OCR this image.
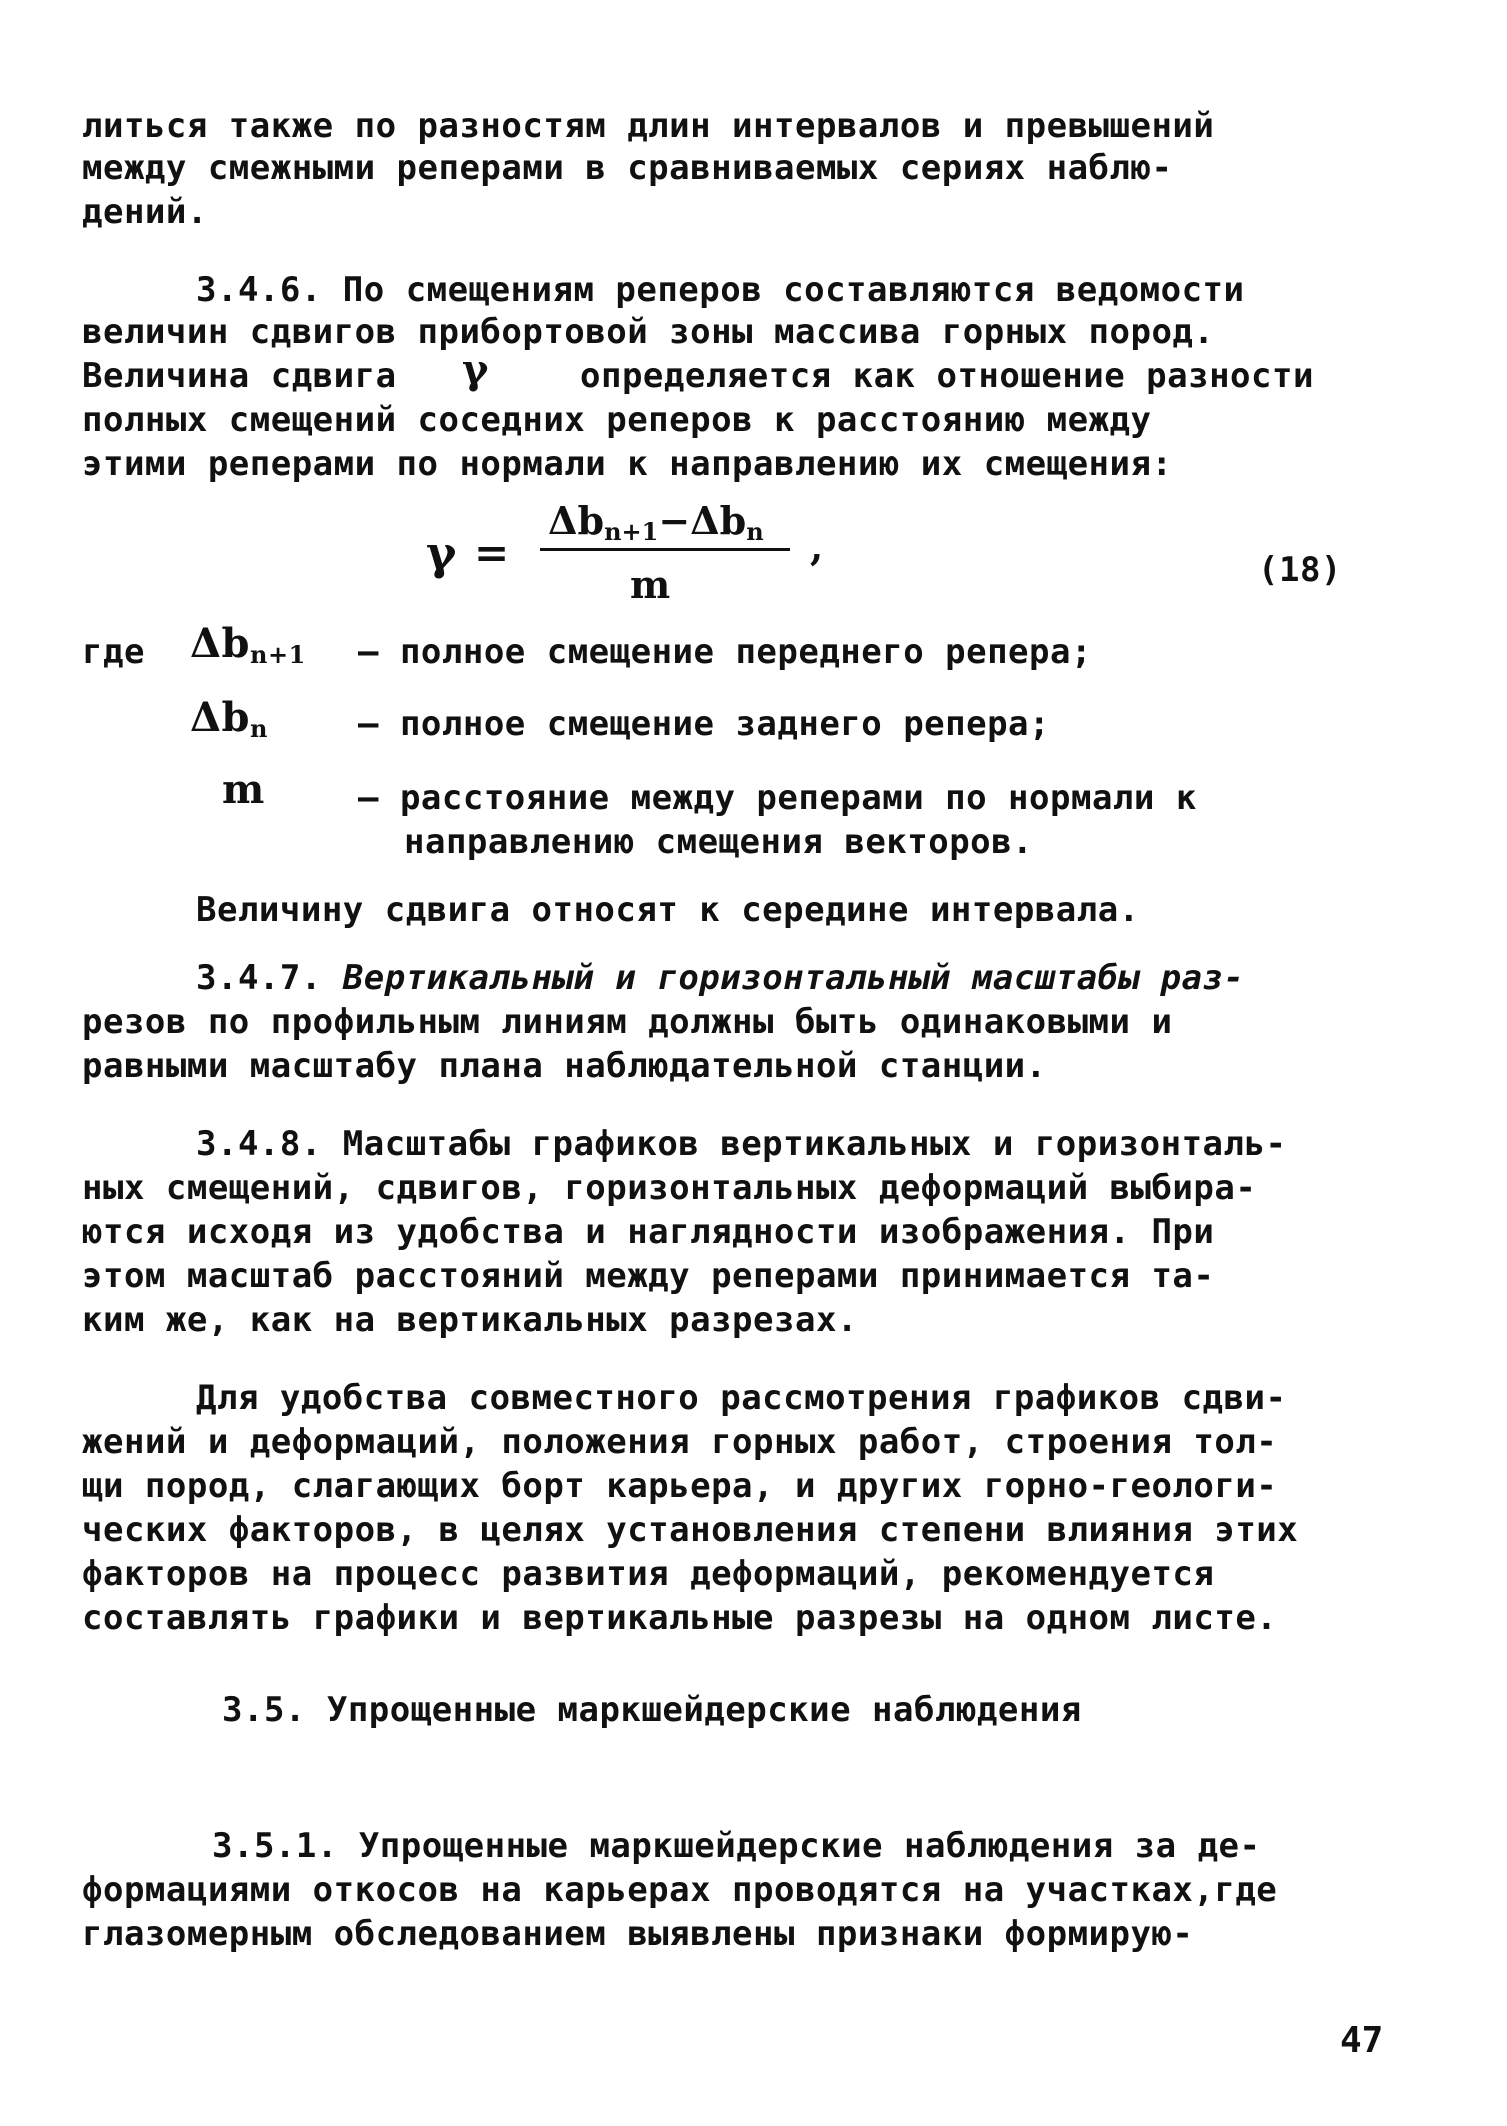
литься также по разностям длин интервалов и превышений
между смежными реперами в сравниваемых сериях наблю-
дений.
3.4.6. По смещениям реперов составляются ведомости
величин сдвигов прибортовой зоны массива горных пород.
Величина сдвига γ	определяется как отношение разности
полных смещений соседних реперов к расстоянию между
этими реперами по нормали к направлению их смещения:
γ =
$\Delta b_{n+1}-\Delta b_n$
m
,
(18)
где $\Delta b_{n+1}$ – полное смещение переднего репера;
$\Delta b_n$	– полное смещение заднего репера;
m	– расстояние между реперами по нормали к
направлению смещения векторов.
Величину сдвига относят к середине интервала.
3.4.7. Вертикальный и горизонтальный масштабы раз-
резов по профильным линиям должны быть одинаковыми и
равными масштабу плана наблюдательной станции.
3.4.8. Масштабы графиков вертикальных и горизонталь-
ных смещений, сдвигов, горизонтальных деформаций выбира-
ются исходя из удобства и наглядности изображения. При
этом масштаб расстояний между реперами принимается та-
ким же, как на вертикальных разрезах.
Для удобства совместного рассмотрения графиков сдви-
жений и деформаций, положения горных работ, строения тол-
щи пород, слагающих борт карьера, и других горно-геологи-
ческих факторов, в целях установления степени влияния этих
факторов на процесс развития деформаций, рекомендуется
составлять графики и вертикальные разрезы на одном листе.
3.5. Упрощенные маркшейдерские наблюдения
3.5.1. Упрощенные маркшейдерские наблюдения за де-
формациями откосов на карьерах проводятся на участках,где
глазомерным обследованием выявлены признаки формирую-
47
